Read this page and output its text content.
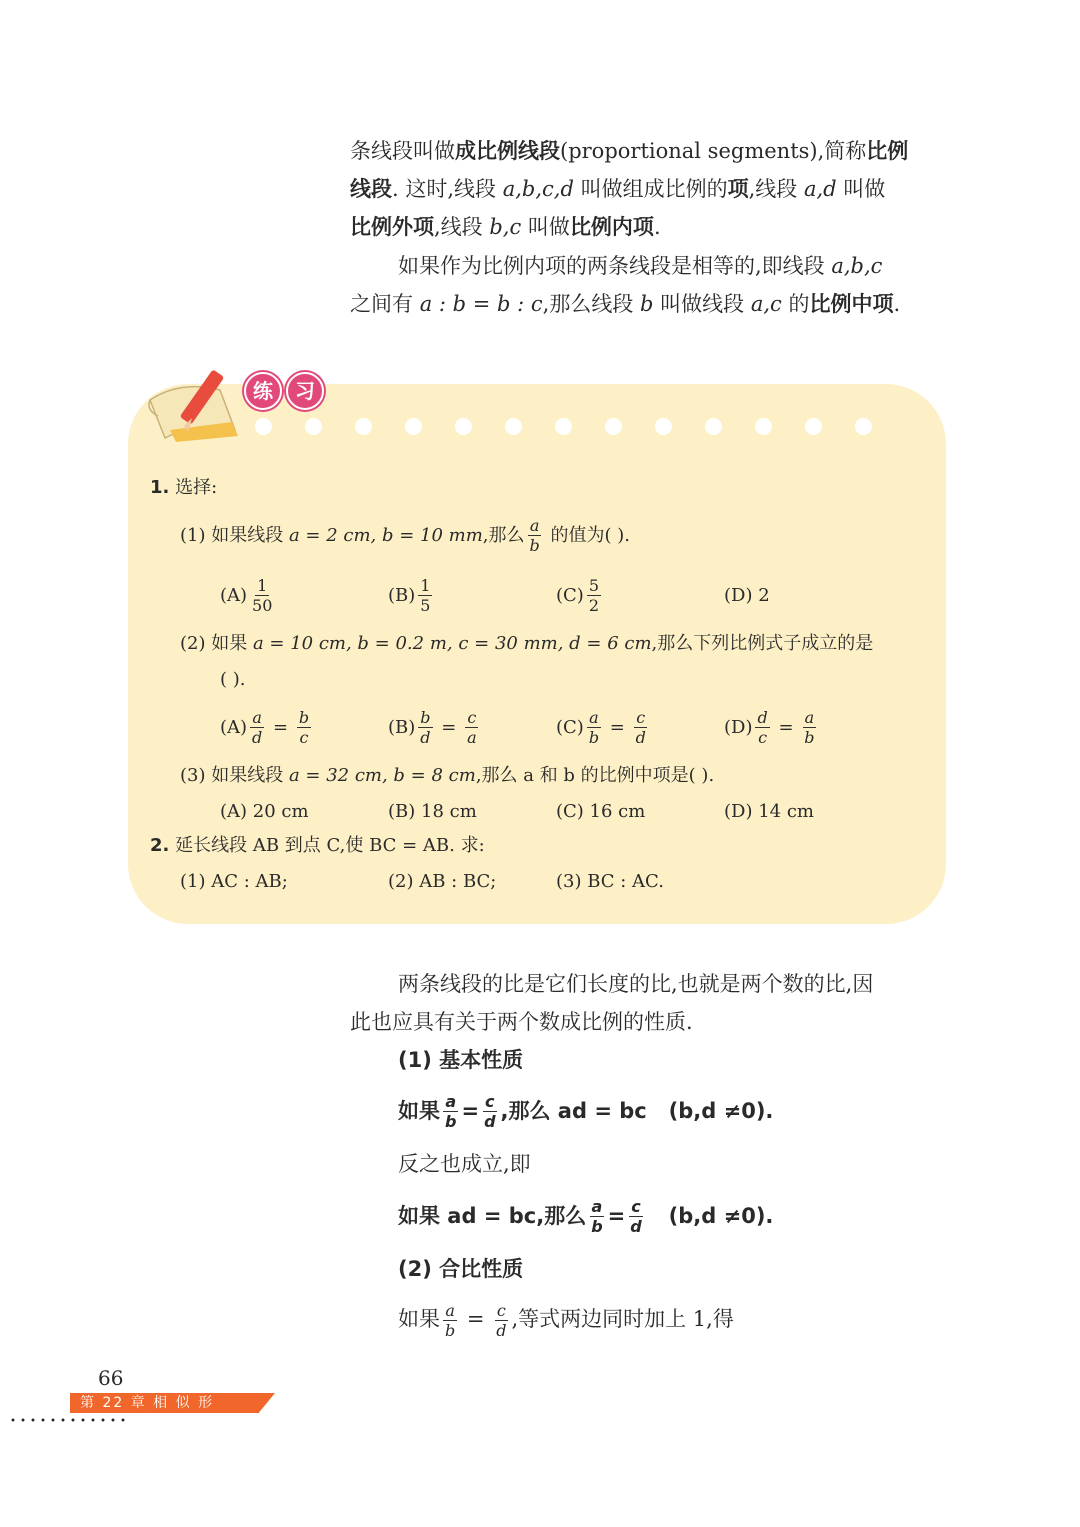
条线段叫做成比例线段(proportional segments),简称比例
线段. 这时,线段 a,b,c,d 叫做组成比例的项,线段 a,d 叫做
比例外项,线段 b,c 叫做比例内项.
如果作为比例内项的两条线段是相等的,即线段 a,b,c
之间有 a : b = b : c,那么线段 b 叫做线段 a,c 的比例中项.
练	习
1. 选择:
(1) 如果线段 a = 2 cm, b = 10 mm,那么 $\frac{a}{b}$ 的值为( ).
$(A) \frac{1}{50}$	$(B) \frac{1}{5}$	$(C) \frac{5}{2}$	(D) 2
(2) 如果 a = 10 cm, b = 0.2 m, c = 30 mm, d = 6 cm,那么下列比例式子成立的是
( ).
$(A) \frac{a}{d} = \frac{b}{c}$	$(B) \frac{b}{d} = \frac{c}{a}$	$(C) \frac{a}{b} = \frac{c}{d}$	$(D) \frac{d}{c} = \frac{a}{b}$
(3) 如果线段 a = 32 cm, b = 8 cm,那么 a 和 b 的比例中项是( ).
(A) 20 cm	(B) 18 cm	(C) 16 cm	(D) 14 cm
2. 延长线段 AB 到点 C,使 BC = AB. 求:
(1) AC : AB;	(2) AB : BC;	(3) BC : AC.
两条线段的比是它们长度的比,也就是两个数的比,因
此也应具有关于两个数成比例的性质.
(1) 基本性质
如果 $\frac{a}{b} = \frac{c}{d}$ ,那么 ad = bc (b,d ≠0).
反之也成立,即
如果 ad = bc,那么 $\frac{a}{b} = \frac{c}{d} (b,d \ne 0)$.
(2) 合比性质
如果 $\frac{a}{b} = \frac{c}{d}$ ,等式两边同时加上 1,得
66
第 22 章 相 似 形
